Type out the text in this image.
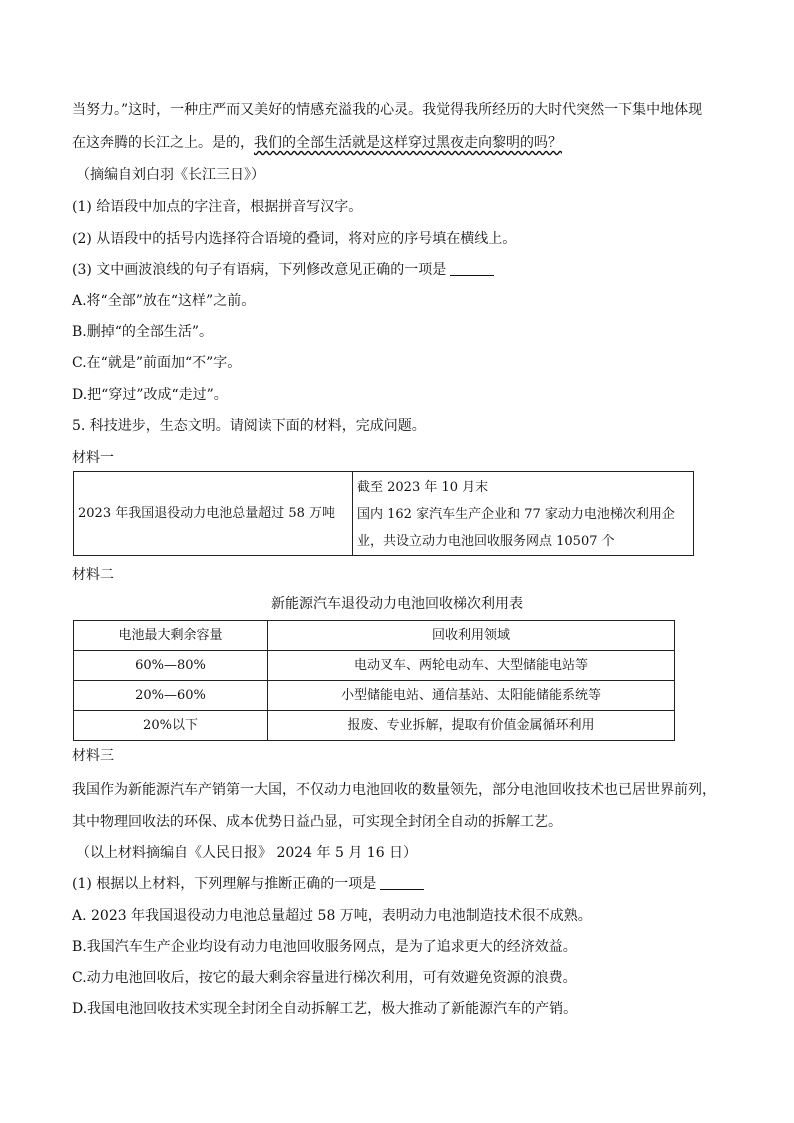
当努力。”这时，一种庄严而又美好的情感充溢我的心灵。我觉得我所经历的大时代突然一下集中地体现
在这奔腾的长江之上。是的，我们的全部生活就是这样穿过黑夜走向黎明的吗？
（摘编自刘白羽《长江三日》）
(1) 给语段中加点的字注音，根据拼音写汉字。
(2) 从语段中的括号内选择符合语境的叠词，将对应的序号填在横线上。
(3) 文中画波浪线的句子有语病，下列修改意见正确的一项是
A.将“全部”放在“这样”之前。
B.删掉“的全部生活”。
C.在“就是”前面加“不”字。
D.把“穿过”改成“走过”。
5. 科技进步，生态文明。请阅读下面的材料，完成问题。
材料一
2023 年我国退役动力电池总量超过 58 万吨	
截至 2023 年 10 月末
国内 162 家汽车生产企业和 77 家动力电池梯次利用企
业，共设立动力电池回收服务网点 10507 个
材料二
新能源汽车退役动力电池回收梯次利用表
电池最大剩余容量	回收利用领域
60%—80%	电动叉车、两轮电动车、大型储能电站等
20%—60%	小型储能电站、通信基站、太阳能储能系统等
20%以下	报废、专业拆解，提取有价值金属循环利用
材料三
我国作为新能源汽车产销第一大国，不仅动力电池回收的数量领先，部分电池回收技术也已居世界前列，
其中物理回收法的环保、成本优势日益凸显，可实现全封闭全自动的拆解工艺。
（以上材料摘编自《人民日报》 2024 年 5 月 16 日）
(1) 根据以上材料，下列理解与推断正确的一项是
A. 2023 年我国退役动力电池总量超过 58 万吨，表明动力电池制造技术很不成熟。
B.我国汽车生产企业均设有动力电池回收服务网点，是为了追求更大的经济效益。
C.动力电池回收后，按它的最大剩余容量进行梯次利用，可有效避免资源的浪费。
D.我国电池回收技术实现全封闭全自动拆解工艺，极大推动了新能源汽车的产销。
